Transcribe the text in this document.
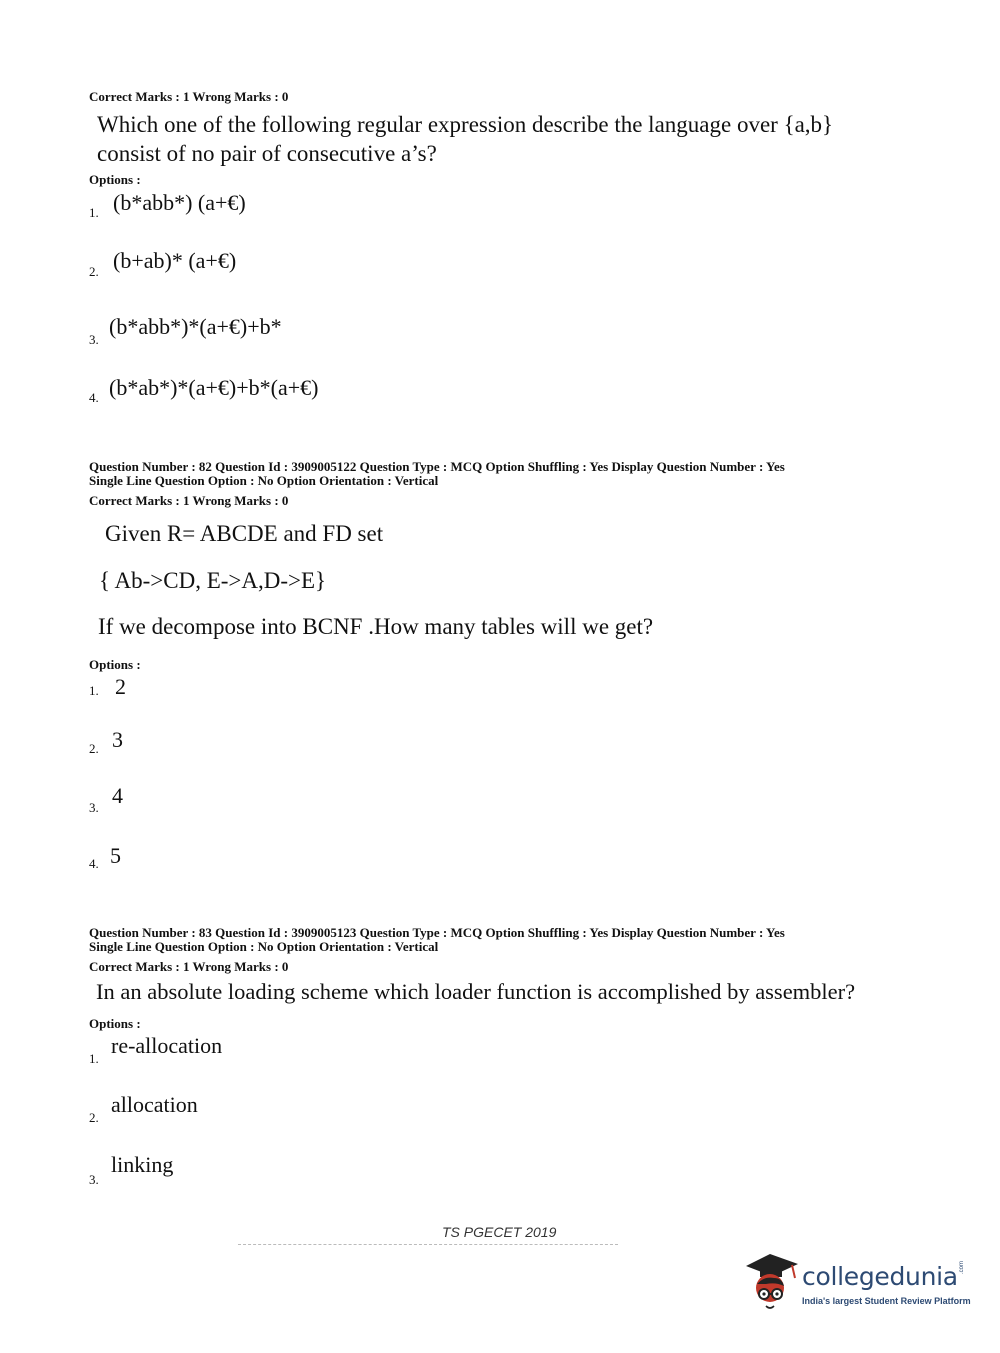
Correct Marks : 1 Wrong Marks : 0
Which one of the following regular expression describe the language over {a,b}
consist of no pair of consecutive a’s?
Options :
1. (b*abb*) (a+€)
2. (b+ab)* (a+€)
3.
(b*abb*)*(a+€)+b*
4. (b*ab*)*(a+€)+b*(a+€)
Question Number : 82 Question Id : 3909005122 Question Type : MCQ Option Shuffling : Yes Display Question Number : Yes
Single Line Question Option : No Option Orientation : Vertical
Correct Marks : 1 Wrong Marks : 0
Given R= ABCDE and FD set
{ Ab->CD, E->A,D->E}
If we decompose into BCNF .How many tables will we get?
Options :
1. 2
2. 3
3. 4
4. 5
Question Number : 83 Question Id : 3909005123 Question Type : MCQ Option Shuffling : Yes Display Question Number : Yes
Single Line Question Option : No Option Orientation : Vertical
Correct Marks : 1 Wrong Marks : 0
In an absolute loading scheme which loader function is accomplished by assembler?
Options :
1.
re-allocation
2.
allocation
3.
linking
TS PGECET 2019
collegedunia .com
India's largest Student Review Platform
